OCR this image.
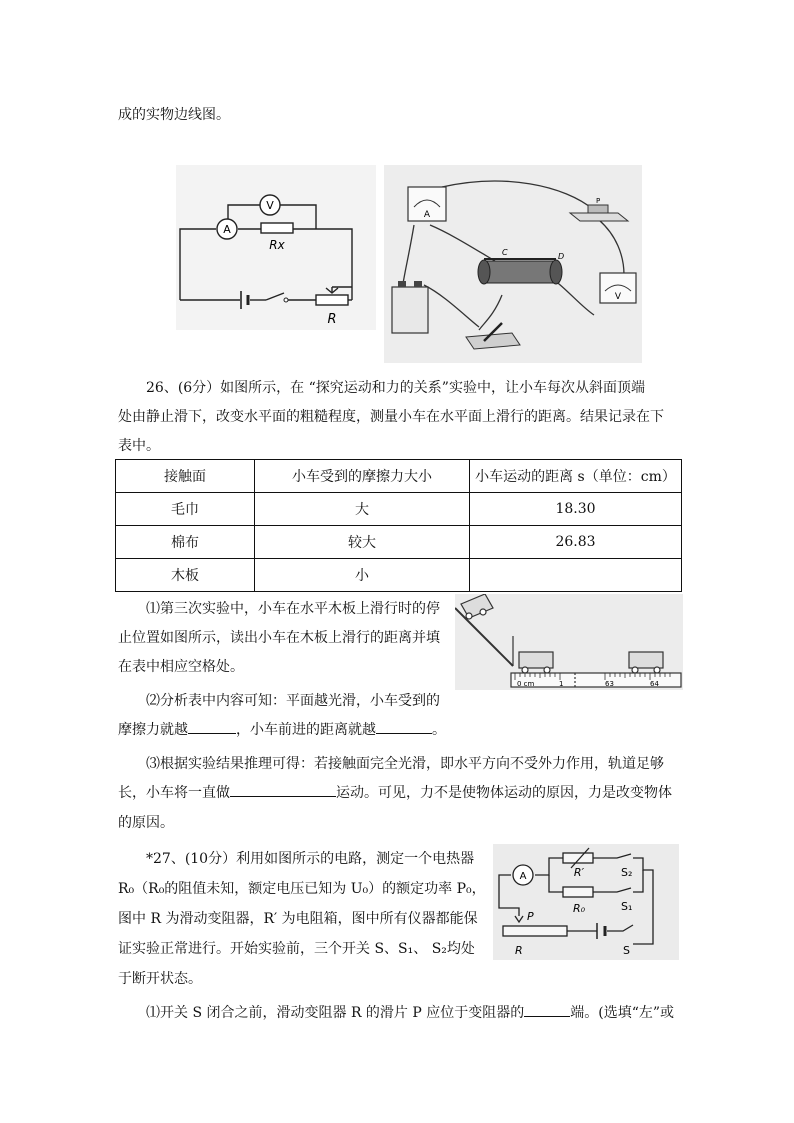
成的实物边线图。
A
V
Rx
R
A
V
P
C	D
26、(6分）如图所示，在 “探究运动和力的关系”实验中，让小车每次从斜面顶端
处由静止滑下，改变水平面的粗糙程度，测量小车在水平面上滑行的距离。结果记录在下
表中。
接触面	小车受到的摩擦力大小	小车运动的距离 s（单位：cm）
毛巾	大	18.30
棉布	较大	26.83
木板	小	
⑴第三次实验中，小车在水平木板上滑行时的停
止位置如图所示，读出小车在木板上滑行的距离并填
在表中相应空格处。
0 cm	1	63	64
⑵分析表中内容可知：平面越光滑，小车受到的
摩擦力就越	，小车前进的距离就越	。
⑶根据实验结果推理可得：若接触面完全光滑，即水平方向不受外力作用，轨道足够
长，小车将一直做	运动。可见，力不是使物体运动的原因，力是改变物体
的原因。
*27、(10分）利用如图所示的电路，测定一个电热器
R₀（R₀的阻值未知，额定电压已知为 U₀）的额定功率 P₀，
图中 R 为滑动变阻器，R′ 为电阻箱，图中所有仪器都能保
证实验正常进行。开始实验前，三个开关 S、S₁、 S₂均处
于断开状态。
A	R′
R₀
S₂
S₁
P
R	S
⑴开关 S 闭合之前，滑动变阻器 R 的滑片 P 应位于变阻器的	端。(选填“左”或
